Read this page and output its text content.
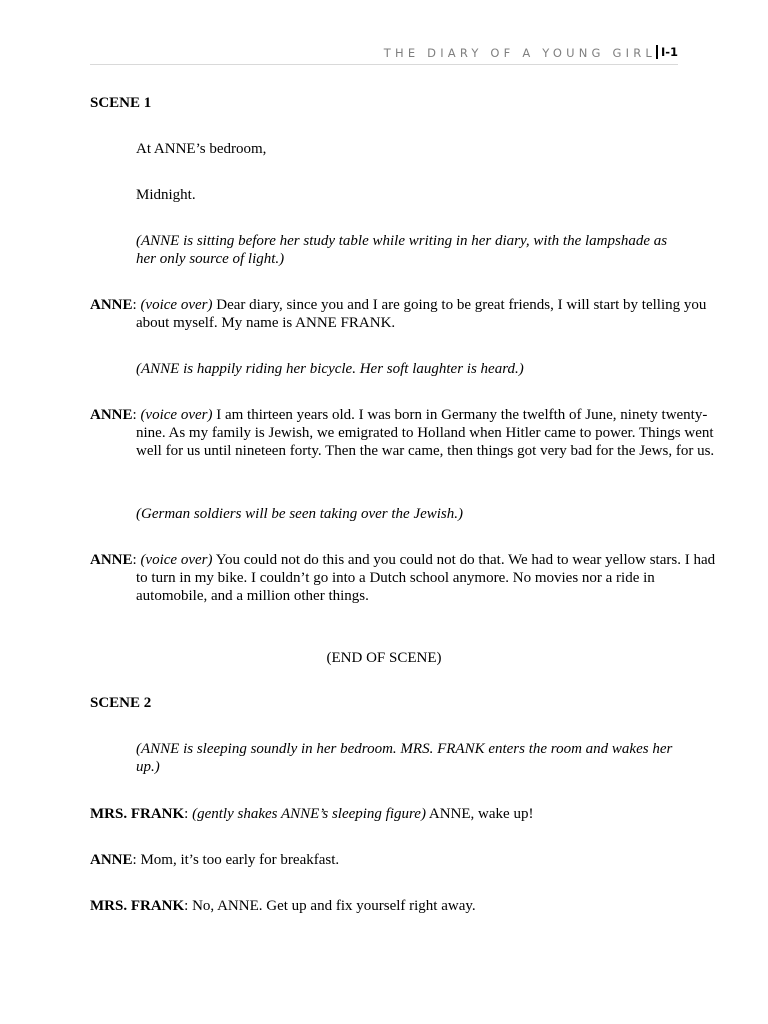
THE DIARY OF A YOUNG GIRL I-1
SCENE 1
At ANNE’s bedroom,
Midnight.
(ANNE is sitting before her study table while writing in her diary, with the lampshade as her only source of light.)
ANNE: (voice over) Dear diary, since you and I are going to be great friends, I will start by telling you about myself. My name is ANNE FRANK.
(ANNE is happily riding her bicycle. Her soft laughter is heard.)
ANNE: (voice over) I am thirteen years old. I was born in Germany the twelfth of June, ninety twenty-nine. As my family is Jewish, we emigrated to Holland when Hitler came to power. Things went well for us until nineteen forty. Then the war came, then things got very bad for the Jews, for us.
(German soldiers will be seen taking over the Jewish.)
ANNE: (voice over) You could not do this and you could not do that. We had to wear yellow stars. I had to turn in my bike. I couldn’t go into a Dutch school anymore. No movies nor a ride in automobile, and a million other things.
(END OF SCENE)
SCENE 2
(ANNE is sleeping soundly in her bedroom. MRS. FRANK enters the room and wakes her up.)
MRS. FRANK: (gently shakes ANNE’s sleeping figure) ANNE, wake up!
ANNE: Mom, it’s too early for breakfast.
MRS. FRANK: No, ANNE. Get up and fix yourself right away.
